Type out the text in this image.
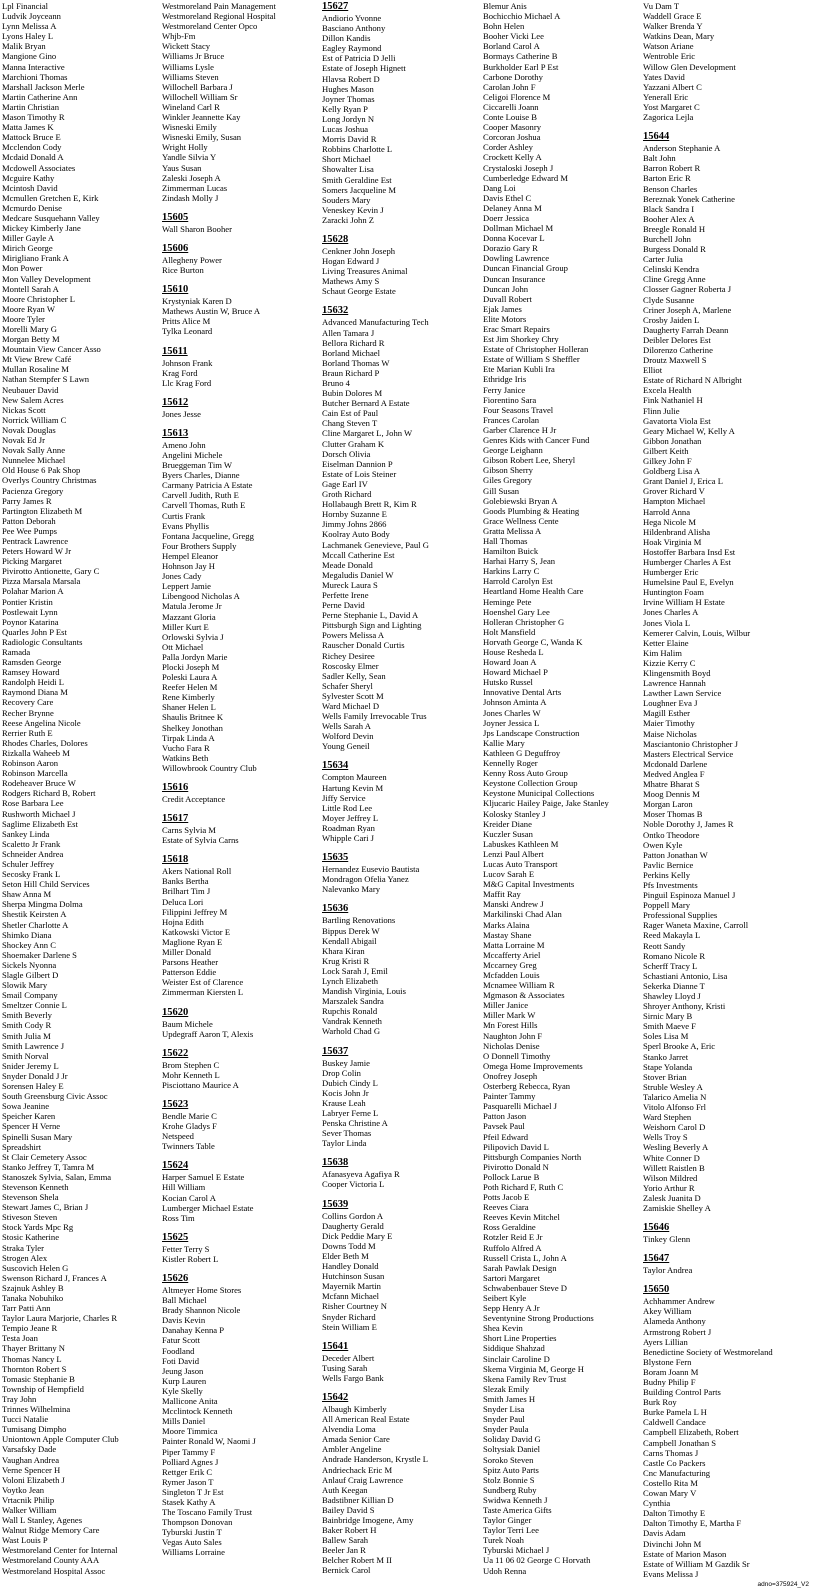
Lpl Financial
Ludvik Joyceann
Lynn Melissa A
Lyons Haley L
Malik Bryan
Mangione Gino
Manna Interactive
Marchioni Thomas
Marshall Jackson Merle
Martin Catherine Ann
Martin Christian
Mason Timothy R
Matta James K
Mattock Bruce E
Mcclendon Cody
Mcdaid Donald A
Mcdowell Associates
Mcguire Kathy
Mcintosh David
Mcmullen Gretchen E, Kirk
Mcmurdo Denise
Medcare Susquehann Valley
Mickey Kimberly Jane
Miller Gayle A
Mirich George
Mirigliano Frank A
Mon Power
Mon Valley Development
Montell Sarah A
Moore Christopher L
Moore Ryan W
Moore Tyler
Morelli Mary G
Morgan Betty M
Mountain View Cancer Asso
Mt View Brew Café
Mullan Rosaline M
Nathan Stempfer S Lawn
Neubauer David
New Salem Acres
Nickas Scott
Norrick William C
Novak Douglas
Novak Ed Jr
Novak Sally Anne
Nunnelee Michael
Old House 6 Pak Shop
Overlys Country Christmas
Pacienza Gregory
Parry James R
Partington Elizabeth M
Patton Deborah
Pee Wee Pumps
Pentrack Lawrence
Peters Howard W Jr
Picking Margaret
Pivirotto Antionette, Gary C
Pizza Marsala Marsala
Polahar Marion A
Pontier Kristin
Postlewait Lynn
Poynor Katarina
Quarles John P Est
Radiologic Consultants
Ramada
Ramsden George
Ramsey Howard
Randolph Heidi L
Raymond Diana M
Recovery Care
Recher Brynne
Reese Angelina Nicole
Rerrier Ruth E
Rhodes Charles, Dolores
Rizkalla Waheeb M
Robinson Aaron
Robinson Marcella
Rodeheaver Bruce W
Rodgers Richard B, Robert
Rose Barbara Lee
Rushworth Michael J
Saglime Elizabeth Est
Sankey Linda
Scaletto Jr Frank
Schneider Andrea
Schuler Jeffrey
Secosky Frank L
Seton Hill Child Services
Shaw Anna M
Sherpa Mingma Dolma
Shestik Keirsten A
Shetler Charlotte A
Shimko Diana
Shockey Ann C
Shoemaker Darlene S
Sickels Nyonna
Slagle Gilbert D
Slowik Mary
Smail Company
Smeltzer Connie L
Smith Beverly
Smith Cody R
Smith Julia M
Smith Lawrence J
Smith Norval
Snider Jeremy L
Snyder Donald J Jr
Sorensen Haley E
South Greensburg Civic Assoc
Sowa Jeanine
Speicher Karen
Spencer H Verne
Spinelli Susan Mary
Spreadshirt
St Clair Cemetery Assoc
Stanko Jeffrey T, Tamra M
Stanoszek Sylvia, Salan, Emma
Stevenson Kenneth
Stevenson Shela
Stewart James C, Brian J
Stiveson Steven
Stock Yards Mpc Rg
Stosic Katherine
Straka Tyler
Strogen Alex
Suscovich Helen G
Swenson Richard J, Frances A
Szajnuk Ashley B
Tanaka Nobuhiko
Tarr Patti Ann
Taylor Laura Marjorie, Charles R
Tempio Jeane R
Testa Joan
Thayer Brittany N
Thomas Nancy L
Thornton Robert S
Tomasic Stephanie B
Township of Hempfield
Tray John
Trinnes Wilhelmina
Tucci Natalie
Tumisang Dimpho
Uniontown Apple Computer Club
Varsafsky Dade
Vaughan Andrea
Verne Spencer H
Voloni Elizabeth J
Voytko Jean
Vrtacnik Philip
Walker William
Wall L Stanley, Agenes
Walnut Ridge Memory Care
Wast Louis P
Westmoreland Center for Internal
Westmoreland County AAA
Westmoreland Hospital Assoc
Westmoreland Pain Management
Westmoreland Regional Hospital
Westmoreland Center Opco
Whjb-Fm
Wickett Stacy
Williams Jr Bruce
Williams Lysle
Williams Steven
Willochell Barbara J
Willochell William Sr
Wineland Carl R
Winkler Jeannette Kay
Wisneski Emily
Wisneski Emily, Susan
Wright Holly
Yandle Silvia Y
Yaus Susan
Zaleski Joseph A
Zimmerman Lucas
Zindash Molly J
15605
Wall Sharon Booher
15606
Allegheny Power
Rice Burton
15610
Krystyniak Karen D
Mathews Austin W, Bruce A
Pritts Alice M
Tylka Leonard
15611
Johnson Frank
Krag Ford
Llc Krag Ford
15612
Jones Jesse
15613
Ameno John
Angelini Michele
Brueggeman Tim W
Byers Charles, Dianne
Carmany Patricia A Estate
Carvell Judith, Ruth E
Carvell Thomas, Ruth E
Curtis Frank
Evans Phyllis
Fontana Jacqueline, Gregg
Four Brothers Supply
Hempel Eleanor
Hohnson Jay H
Jones Cady
Leppert Jamie
Libengood Nicholas A
Matula Jerome Jr
Mazzant Gloria
Miller Kurt E
Orlowski Sylvia J
Ott Michael
Palla Jordyn Marie
Plocki Joseph M
Poleski Laura A
Reefer Helen M
Rene Kimberly
Shaner Helen L
Shaulis Britnee K
Shelkey Jonothan
Tirpak Linda A
Vucho Fara R
Watkins Beth
Willowbrook Country Club
15616
Credit Acceptance
15617
Carns Sylvia M
Estate of Sylvia Carns
15618
Akers National Roll
Banks Bertha
Brilhart Tim J
Deluca Lori
Filippini Jeffrey M
Hojna Edith
Katkowski Victor E
Maglione Ryan E
Miller Donald
Parsons Heather
Patterson Eddie
Weister Est of Clarence
Zimmerman Kiersten L
15620
Baum Michele
Updegraff Aaron T, Alexis
15622
Brom Stephen C
Mohr Kenneth L
Pisciottano Maurice A
15623
Bendle Marie C
Krohe Gladys F
Netspeed
Twinners Table
15624
Harper Samuel E Estate
Hill William
Kocian Carol A
Lumberger Michael Estate
Ross Tim
15625
Fetter Terry S
Kistler Robert L
15626
Altmeyer Home Stores
Ball Michael
Brady Shannon Nicole
Davis Kevin
Danahay Kenna P
Fatur Scott
Foodland
Foti David
Jeung Jason
Kurp Lauren
Kyle Skelly
Mallicone Anita
Mcclintock Kenneth
Mills Daniel
Moore Timmica
Painter Ronald W, Naomi J
Piper Tammy F
Polliard Agnes J
Rettger Erik C
Rymer Jason T
Singleton T Jr Est
Stasek Kathy A
The Toscano Family Trust
Thompson Donovan
Tyburski Justin T
Vegas Auto Sales
Williams Lorraine
15627
Andiorio Yvonne
Basciano Anthony
Dillon Kandis
Eagley Raymond
Est of Patricia D Jelli
Estate of Joseph Hignett
Hlavsa Robert D
Hughes Mason
Joyner Thomas
Kelly Ryan P
Long Jordyn N
Lucas Joshua
Morris David R
Robbins Charlotte L
Short Michael
Showalter Lisa
Smith Geraldine Est
Somers Jacqueline M
Souders Mary
Veneskey Kevin J
Zaracki John Z
15628
Cenkner John Joseph
Hogan Edward J
Living Treasures Animal
Mathews Amy S
Schaut George Estate
15632
Advanced Manufacturing Tech
Allen Tamara J
Bellora Richard R
Borland Michael
Borland Thomas W
Braun Richard P
Bruno 4
Bubin Dolores M
Butcher Bernard A Estate
Cain Est of Paul
Chang Steven T
Cline Margaret L, John W
Clutter Graham K
Dorsch Olivia
Eiselman Dannion P
Estate of Lois Steiner
Gage Earl IV
Groth Richard
Hollabaugh Brett R, Kim R
Hornby Suzanne E
Jimmy Johns 2866
Koolray Auto Body
Lachmanek Genevieve, Paul G
Mccall Catherine Est
Meade Donald
Megaludis Daniel W
Mureck Laura S
Perfette Irene
Perne David
Perne Stephanie L, David A
Pittsburgh Sign and Lighting
Powers Melissa A
Rauscher Donald Curtis
Richey Desiree
Roscosky Elmer
Sadler Kelly, Sean
Schafer Sheryl
Sylvester Scott M
Ward Michael D
Wells Family Irrevocable Trus
Wells Sarah A
Wolford Devin
Young Geneil
15634
Compton Maureen
Hartung Kevin M
Jiffy Service
Little Rod Lee
Moyer Jeffrey L
Roadman Ryan
Whipple Cari J
15635
Hernandez Eusevio Bautista
Mondragon Ofelia Yanez
Nalevanko Mary
15636
Bartling Renovations
Bippus Derek W
Kendall Abigail
Khara Kiran
Krug Kristi R
Lock Sarah J, Emil
Lynch Elizabeth
Mandish Virginia, Louis
Marszalek Sandra
Rupchis Ronald
Vandrak Kenneth
Warhold Chad G
15637
Buskey Jamie
Drop Colin
Dubich Cindy L
Kocis John Jr
Krause Leah
Labryer Ferne L
Penska Christine A
Sever Thomas
Taylor Linda
15638
Afanasyeva Agafiya R
Cooper Victoria L
15639
Collins Gordon A
Daugherty Gerald
Dick Peddie Mary E
Downs Todd M
Elder Beth M
Handley Donald
Hutchinson Susan
Mayernik Martin
Mcfann Michael
Risher Courtney N
Snyder Richard
Stein William E
15641
Deceder Albert
Tusing Sarah
Wells Fargo Bank
15642
Albaugh Kimberly
All American Real Estate
Alvendia Loma
Amada Senior Care
Ambler Angeline
Andrade Handerson, Krystle L
Andriechack Eric M
Anlauf Craig Lawrence
Auth Keegan
Badstibner Killian D
Bailey David S
Bainbridge Imogene, Amy
Baker Robert H
Ballew Sarah
Beeler Jan R
Belcher Robert M II
Bernick Carol
Blemur Anis
Bochicchio Michael A
Bohn Helen
Booher Vicki Lee
Borland Carol A
Bormays Catherine B
Burkholder Earl P Est
Carbone Dorothy
Carolan John F
Celigoi Florence M
Ciccarelli Joann
Conte Louise B
Cooper Masonry
Corcoran Joshua
Corder Ashley
Crockett Kelly A
Crystaloski Joseph J
Cumberledge Edward M
Dang Loi
Davis Ethel C
Delaney Anna M
Doerr Jessica
Dollman Michael M
Donna Kocevar L
Dorazio Gary R
Dowling Lawrence
Duncan Financial Group
Duncan Insurance
Duncan John
Duvall Robert
Ejak James
Elite Motors
Erac Smart Repairs
Est Jim Shorkey Chry
Estate of Christopher Holleran
Estate of William S Sheffler
Ete Marian Kubli Ira
Ethridge Iris
Ferry Janice
Fiorentino Sara
Four Seasons Travel
Frances Carolan
Garber Clarence H Jr
Genres Kids with Cancer Fund
George Leighann
Gibson Robert Lee, Sheryl
Gibson Sherry
Giles Gregory
Gill Susan
Golebiewski Bryan A
Goods Plumbing & Heating
Grace Wellness Cente
Gratta Melissa A
Hall Thomas
Hamilton Buick
Harhai Harry S, Jean
Harkins Larry C
Harrold Carolyn Est
Heartland Home Health Care
Heminge Pete
Hoenshel Gary Lee
Holleran Christopher G
Holt Mansfield
Horvath George C, Wanda K
House Resheda L
Howard Joan A
Howard Michael P
Hutsko Russel
Innovative Dental Arts
Johnson Aminta A
Jones Charles W
Joyner Jessica L
Jps Landscape Construction
Kallie Mary
Kathleen G Deguffroy
Kennelly Roger
Kenny Ross Auto Group
Keystone Collection Group
Keystone Municipal Collections
Kljucaric Hailey Paige, Jake Stanley
Kolosky Stanley J
Kreider Diane
Kuczler Susan
Labuskes Kathleen M
Lenzi Paul Albert
Lucas Auto Transport
Lucov Sarah E
M&G Capital Investments
Maffit Ray
Manski Andrew J
Markilinski Chad Alan
Marks Alaina
Mastay Shane
Matta Lorraine M
Mccafferty Ariel
Mccarney Greg
Mcfadden Louis
Mcnamee William R
Mgmason & Associates
Miller Janice
Miller Mark W
Mn Forest Hills
Naughton John F
Nicholas Denise
O Donnell Timothy
Omega Home Improvements
Onofrey Joseph
Osterberg Rebecca, Ryan
Painter Tammy
Pasquarelli Michael J
Patton Jason
Pavsek Paul
Pfeil Edward
Pilipovich David L
Pittsburgh Companies North
Pivirotto Donald N
Pollock Larue B
Poth Richard F, Ruth C
Potts Jacob E
Reeves Ciara
Reeves Kevin Mitchel
Ross Geraldine
Rotzler Reid E Jr
Ruffolo Alfred A
Russell Crista L, John A
Sarah Pawlak Design
Sartori Margaret
Schwabenbauer Steve D
Seibert Kyle
Sepp Henry A Jr
Seventynine Strong Productions
Shea Kevin
Short Line Properties
Siddique Shahzad
Sinclair Caroline D
Skema Virginia M, George H
Skena Family Rev Trust
Slezak Emily
Smith James H
Snyder Lisa
Snyder Paul
Snyder Paula
Soliday David G
Soltysiak Daniel
Soroko Steven
Spitz Auto Parts
Stolz Bonnie S
Sundberg Ruby
Swidwa Kenneth J
Taste America Gifts
Taylor Ginger
Taylor Terri Lee
Turek Noah
Tyburski Michael J
Ua 11 06 02 George C Horvath
Udoh Renna
Vu Dam T
Waddell Grace E
Walker Brenda Y
Watkins Dean, Mary
Watson Ariane
Wentroble Eric
Willow Glen Development
Yates David
Yazzani Albert C
Yenerall Eric
Yost Margaret C
Zagorica Lejla
15644
Anderson Stephanie A
Balt John
Barron Robert R
Barton Eric R
Benson Charles
Bereznak Yonek Catherine
Black Sandra I
Booher Alex A
Breegle Ronald H
Burchell John
Burgess Donald R
Carter Julia
Celinski Kendra
Cline Gregg Anne
Closser Gagner Roberta J
Clyde Susanne
Criner Joseph A, Marlene
Crosby Jaiden L
Daugherty Farrah Deann
Deibler Delores Est
Dilorenzo Catherine
Droutz Maxwell S
Elliot
Estate of Richard N Albright
Excela Health
Fink Nathaniel H
Flinn Julie
Gavatorta Viola Est
Geary Michael W, Kelly A
Gibbon Jonathan
Gilbert Keith
Gilkey John F
Goldberg Lisa A
Grant Daniel J, Erica L
Grover Richard V
Hampton Michael
Harrold Anna
Hega Nicole M
Hildenbrand Alisha
Hoak Virginia M
Hostoffer Barbara Insd Est
Humberger Charles A Est
Humberger Eric
Humelsine Paul E, Evelyn
Huntington Foam
Irvine William H Estate
Jones Charles A
Jones Viola L
Kemerer Calvin, Louis, Wilbur
Ketter Elaine
Kim Halim
Kizzie Kerry C
Klingensmith Boyd
Lawrence Hannah
Lawther Lawn Service
Loughner Eva J
Magill Esther
Maier Timothy
Maise Nicholas
Masciantonio Christopher J
Masters Electrical Service
Mcdonald Darlene
Medved Anglea F
Mhatre Bharat S
Moog Dennis M
Morgan Laron
Moser Thomas B
Noble Dorothy J, James R
Ontko Theodore
Owen Kyle
Patton Jonathan W
Pavlic Bernice
Perkins Kelly
Pfs Investments
Pinguil Espinoza Manuel J
Poppell Mary
Professional Supplies
Rager Waneta Maxine, Carroll
Reed Makayla L
Reott Sandy
Romano Nicole R
Scherff Tracy L
Schastiani Antonio, Lisa
Sekerka Dianne T
Shawley Lloyd J
Shroyer Anthony, Kristi
Sirnic Mary B
Smith Maeve F
Soles Lisa M
Sperl Brooke A, Eric
Stanko Jarret
Stape Yolanda
Stover Brian
Struble Wesley A
Talarico Amelia N
Vitolo Alfonso Frl
Ward Stephen
Weishorn Carol D
Wells Troy S
Wesling Beverly A
White Conner D
Willett Raistlen B
Wilson Mildred
Yorio Arthur R
Zalesk Juanita D
Zamiskie Shelley A
15646
Tinkey Glenn
15647
Taylor Andrea
15650
Achhammer Andrew
Akey William
Alameda Anthony
Armstrong Robert J
Ayers Lillian
Benedictine Society of Westmoreland
Blystone Fern
Boram Joann M
Budny Philip F
Building Control Parts
Burk Roy
Burke Pamela L H
Caldwell Candace
Campbell Elizabeth, Robert
Campbell Jonathan S
Carns Thomas J
Castle Co Packers
Cnc Manufacturing
Costello Rita M
Cowan Mary V
Cynthia
Dalton Timothy E
Dalton Timothy E, Martha F
Davis Adam
Divinchi John M
Estate of Marion Mason
Estate of William M Gazdik Sr
Evans Melissa J
adno=375924_V2
